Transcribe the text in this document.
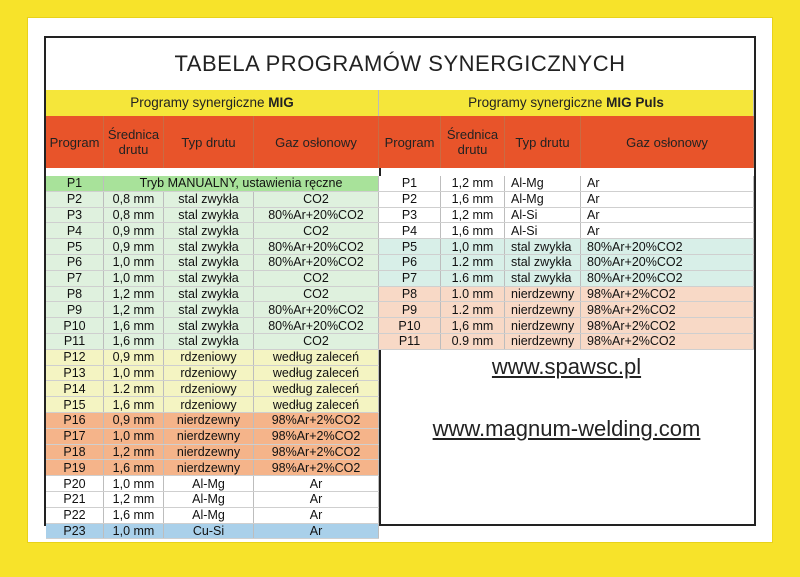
TABELA PROGRAMÓW SYNERGICZNYCH
Programy synergiczne MIG
Program Średnica drutu	Typ drutu	Gaz osłonowy
P1	Tryb MANUALNY, ustawienia ręczne
P2	0,8 mm	stal zwykła	CO2
P3	0,8 mm	stal zwykła	80%Ar+20%CO2
P4	0,9 mm	stal zwykła	CO2
P5	0,9 mm	stal zwykła	80%Ar+20%CO2
P6	1,0 mm	stal zwykła	80%Ar+20%CO2
P7	1,0 mm	stal zwykła	CO2
P8	1,2 mm	stal zwykła	CO2
P9	1,2 mm	stal zwykła	80%Ar+20%CO2
P10	1,6 mm	stal zwykła	80%Ar+20%CO2
P11	1,6 mm	stal zwykła	CO2
P12	0,9 mm	rdzeniowy	według zaleceń
P13	1,0 mm	rdzeniowy	według zaleceń
P14	1.2 mm	rdzeniowy	według zaleceń
P15	1,6 mm	rdzeniowy	według zaleceń
P16	0,9 mm	nierdzewny	98%Ar+2%CO2
P17	1,0 mm	nierdzewny	98%Ar+2%CO2
P18	1,2 mm	nierdzewny	98%Ar+2%CO2
P19	1,6 mm	nierdzewny	98%Ar+2%CO2
P20	1,0 mm	Al-Mg	Ar
P21	1,2 mm	Al-Mg	Ar
P22	1,6 mm	Al-Mg	Ar
P23	1,0 mm	Cu-Si	Ar
Programy synergiczne MIG Puls
Program Średnica drutu	Typ drutu	Gaz osłonowy
P1	1,2 mm	Al-Mg	Ar
P2	1,6 mm	Al-Mg	Ar
P3	1,2 mm	Al-Si	Ar
P4	1,6 mm	Al-Si	Ar
P5	1,0 mm	stal zwykła	80%Ar+20%CO2
P6	1.2 mm	stal zwykła	80%Ar+20%CO2
P7	1.6 mm	stal zwykła	80%Ar+20%CO2
P8	1.0 mm	nierdzewny	98%Ar+2%CO2
P9	1.2 mm	nierdzewny	98%Ar+2%CO2
P10	1,6 mm	nierdzewny	98%Ar+2%CO2
P11	0.9 mm	nierdzewny	98%Ar+2%CO2
www.spawsc.pl
www.magnum-welding.com
